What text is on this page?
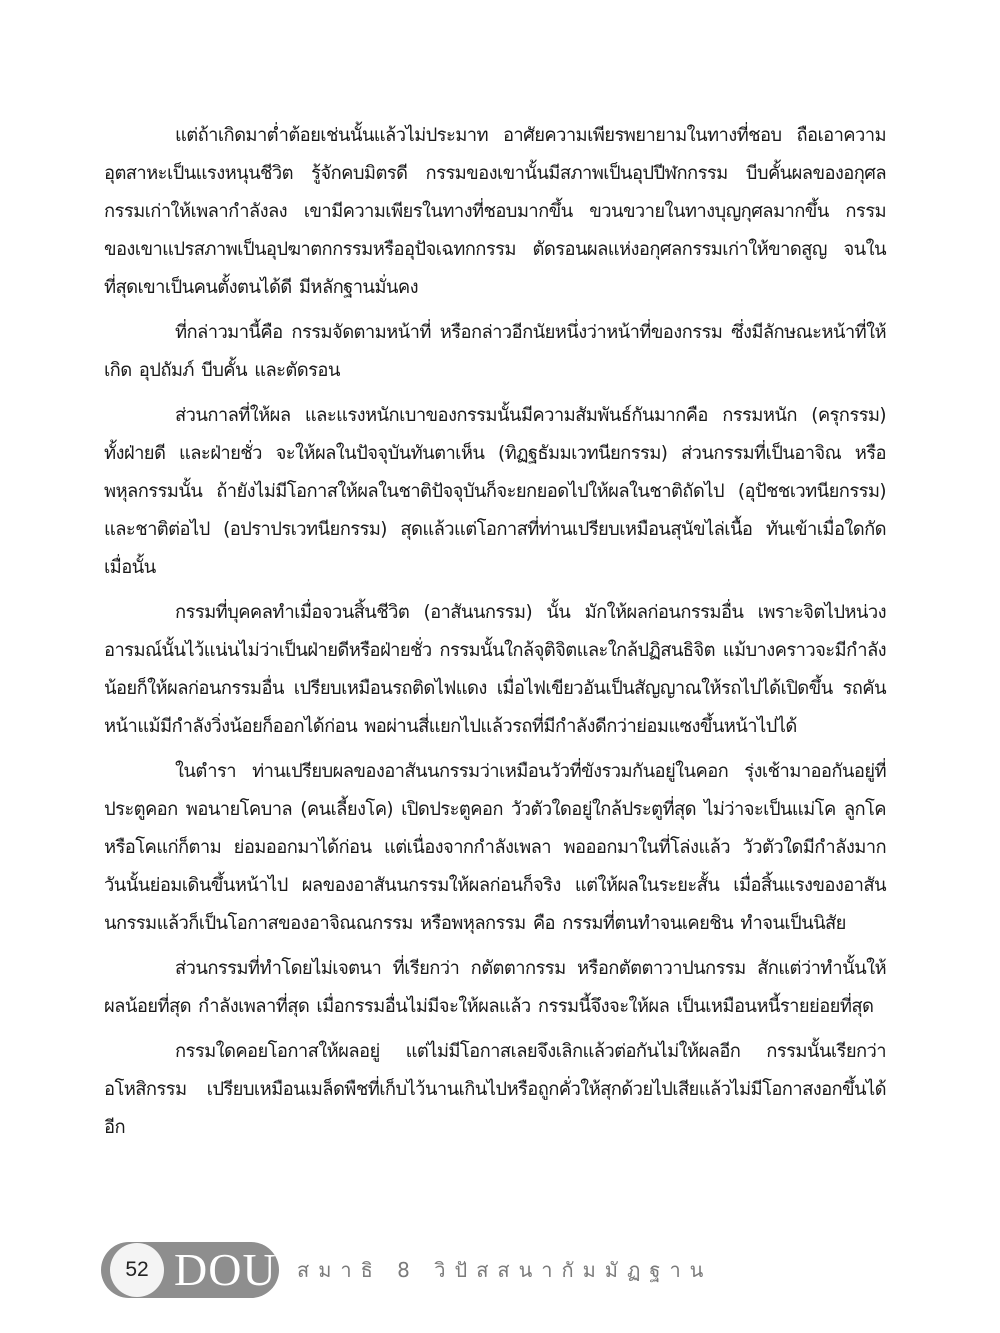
แต่ถ้าเกิดมาต่ำต้อยเช่นนั้นแล้วไม่ประมาท อาศัยความเพียรพยายามในทางที่ชอบ ถือเอาความอุตสาหะเป็นแรงหนุนชีวิต รู้จักคบมิตรดี กรรมของเขานั้นมีสภาพเป็นอุปปีฬกกรรม บีบคั้นผลของอกุศลกรรมเก่าให้เพลากำลังลง เขามีความเพียรในทางที่ชอบมากขึ้น ขวนขวายในทางบุญกุศลมากขึ้น กรรมของเขาแปรสภาพเป็นอุปฆาตกกรรมหรืออุปัจเฉทกกรรม ตัดรอนผลแห่งอกุศลกรรมเก่าให้ขาดสูญ จนในที่สุดเขาเป็นคนตั้งตนได้ดี มีหลักฐานมั่นคง

ที่กล่าวมานี้คือ กรรมจัดตามหน้าที่ หรือกล่าวอีกนัยหนึ่งว่าหน้าที่ของกรรม ซึ่งมีลักษณะหน้าที่ให้เกิด อุปถัมภ์ บีบคั้น และตัดรอน

ส่วนกาลที่ให้ผล และแรงหนักเบาของกรรมนั้นมีความสัมพันธ์กันมากคือ กรรมหนัก (ครุกรรม) ทั้งฝ่ายดี และฝ่ายชั่ว จะให้ผลในปัจจุบันทันตาเห็น (ทิฏฐธัมมเวทนียกรรม) ส่วนกรรมที่เป็นอาจิณ หรือพหุลกรรมนั้น ถ้ายังไม่มีโอกาสให้ผลในชาติปัจจุบันก็จะยกยอดไปให้ผลในชาติถัดไป (อุปัชชเวทนียกรรม) และชาติต่อไป (อปราปรเวทนียกรรม) สุดแล้วแต่โอกาสที่ท่านเปรียบเหมือนสุนัขไล่เนื้อ ทันเข้าเมื่อใดกัดเมื่อนั้น

กรรมที่บุคคลทำเมื่อจวนสิ้นชีวิต (อาสันนกรรม) นั้น มักให้ผลก่อนกรรมอื่น เพราะจิตไปหน่วงอารมณ์นั้นไว้แน่นไม่ว่าเป็นฝ่ายดีหรือฝ่ายชั่ว กรรมนั้นใกล้จุติจิตและใกล้ปฏิสนธิจิต แม้บางคราวจะมีกำลังน้อยก็ให้ผลก่อนกรรมอื่น เปรียบเหมือนรถติดไฟแดง เมื่อไฟเขียวอันเป็นสัญญาณให้รถไปได้เปิดขึ้น รถคันหน้าแม้มีกำลังวิ่งน้อยก็ออกได้ก่อน พอผ่านสี่แยกไปแล้วรถที่มีกำลังดีกว่าย่อมแซงขึ้นหน้าไปได้

ในตำรา ท่านเปรียบผลของอาสันนกรรมว่าเหมือนวัวที่ขังรวมกันอยู่ในคอก รุ่งเช้ามาออกันอยู่ที่ประตูคอก พอนายโคบาล (คนเลี้ยงโค) เปิดประตูคอก วัวตัวใดอยู่ใกล้ประตูที่สุด ไม่ว่าจะเป็นแม่โค ลูกโค หรือโคแก่ก็ตาม ย่อมออกมาได้ก่อน แต่เนื่องจากกำลังเพลา พอออกมาในที่โล่งแล้ว วัวตัวใดมีกำลังมาก วันนั้นย่อมเดินขึ้นหน้าไป ผลของอาสันนกรรมให้ผลก่อนก็จริง แต่ให้ผลในระยะสั้น เมื่อสิ้นแรงของอาสันนกรรมแล้วก็เป็นโอกาสของอาจิณณกรรม หรือพหุลกรรม คือ กรรมที่ตนทำจนเคยชิน ทำจนเป็นนิสัย

ส่วนกรรมที่ทำโดยไม่เจตนา ที่เรียกว่า กตัตตากรรม หรือกตัตตาวาปนกรรม สักแต่ว่าทำนั้นให้ผลน้อยที่สุด กำลังเพลาที่สุด เมื่อกรรมอื่นไม่มีจะให้ผลแล้ว กรรมนี้จึงจะให้ผล เป็นเหมือนหนี้รายย่อยที่สุด

กรรมใดคอยโอกาสให้ผลอยู่ แต่ไม่มีโอกาสเลยจึงเลิกแล้วต่อกันไม่ให้ผลอีก กรรมนั้นเรียกว่า อโหสิกรรม เปรียบเหมือนเมล็ดพืชที่เก็บไว้นานเกินไปหรือถูกคั่วให้สุกด้วยไปเสียแล้วไม่มีโอกาสงอกขึ้นได้อีก

52 DOU สมาธิ 8 วิปัสสนากัมมัฏฐาน
